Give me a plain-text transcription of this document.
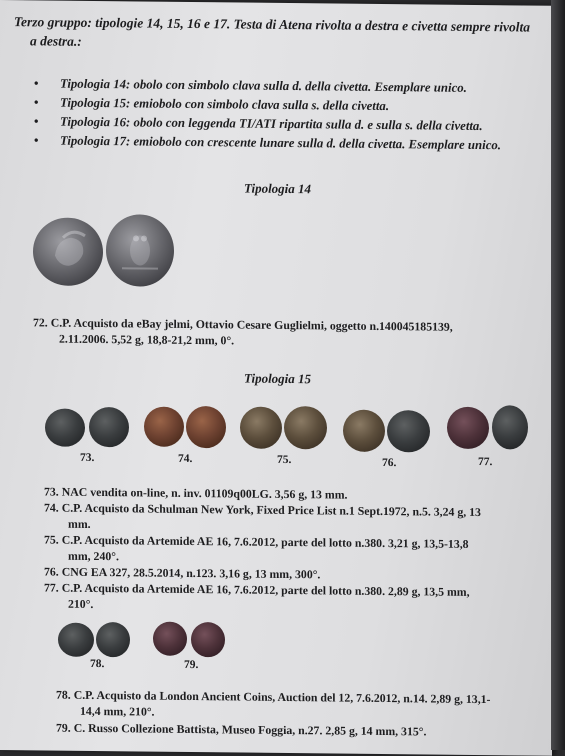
Terzo gruppo: tipologie 14, 15, 16 e 17. Testa di Atena rivolta a destra e civetta sempre rivolta
a destra.:
• Tipologia 14: obolo con simbolo clava sulla d. della civetta. Esemplare unico.
• Tipologia 15: emiobolo con simbolo clava sulla s. della civetta.
• Tipologia 16: obolo con leggenda TI/ATI ripartita sulla d. e sulla s. della civetta.
• Tipologia 17: emiobolo con crescente lunare sulla d. della civetta. Esemplare unico.
Tipologia 14
72. C.P. Acquisto da eBay jelmi, Ottavio Cesare Guglielmi, oggetto n.140045185139,
2.11.2006. 5,52 g, 18,8-21,2 mm, 0°.
Tipologia 15
73.	74.	75.	76.	77.
73. NAC vendita on-line, n. inv. 01109q00LG. 3,56 g, 13 mm.
74. C.P. Acquisto da Schulman New York, Fixed Price List n.1 Sept.1972, n.5. 3,24 g, 13
mm.
75. C.P. Acquisto da Artemide AE 16, 7.6.2012, parte del lotto n.380. 3,21 g, 13,5-13,8
mm, 240°.
76. CNG EA 327, 28.5.2014, n.123. 3,16 g, 13 mm, 300°.
77. C.P. Acquisto da Artemide AE 16, 7.6.2012, parte del lotto n.380. 2,89 g, 13,5 mm,
210°.
78.	79.
78. C.P. Acquisto da London Ancient Coins, Auction del 12, 7.6.2012, n.14. 2,89 g, 13,1-
14,4 mm, 210°.
79. C. Russo Collezione Battista, Museo Foggia, n.27. 2,85 g, 14 mm, 315°.
